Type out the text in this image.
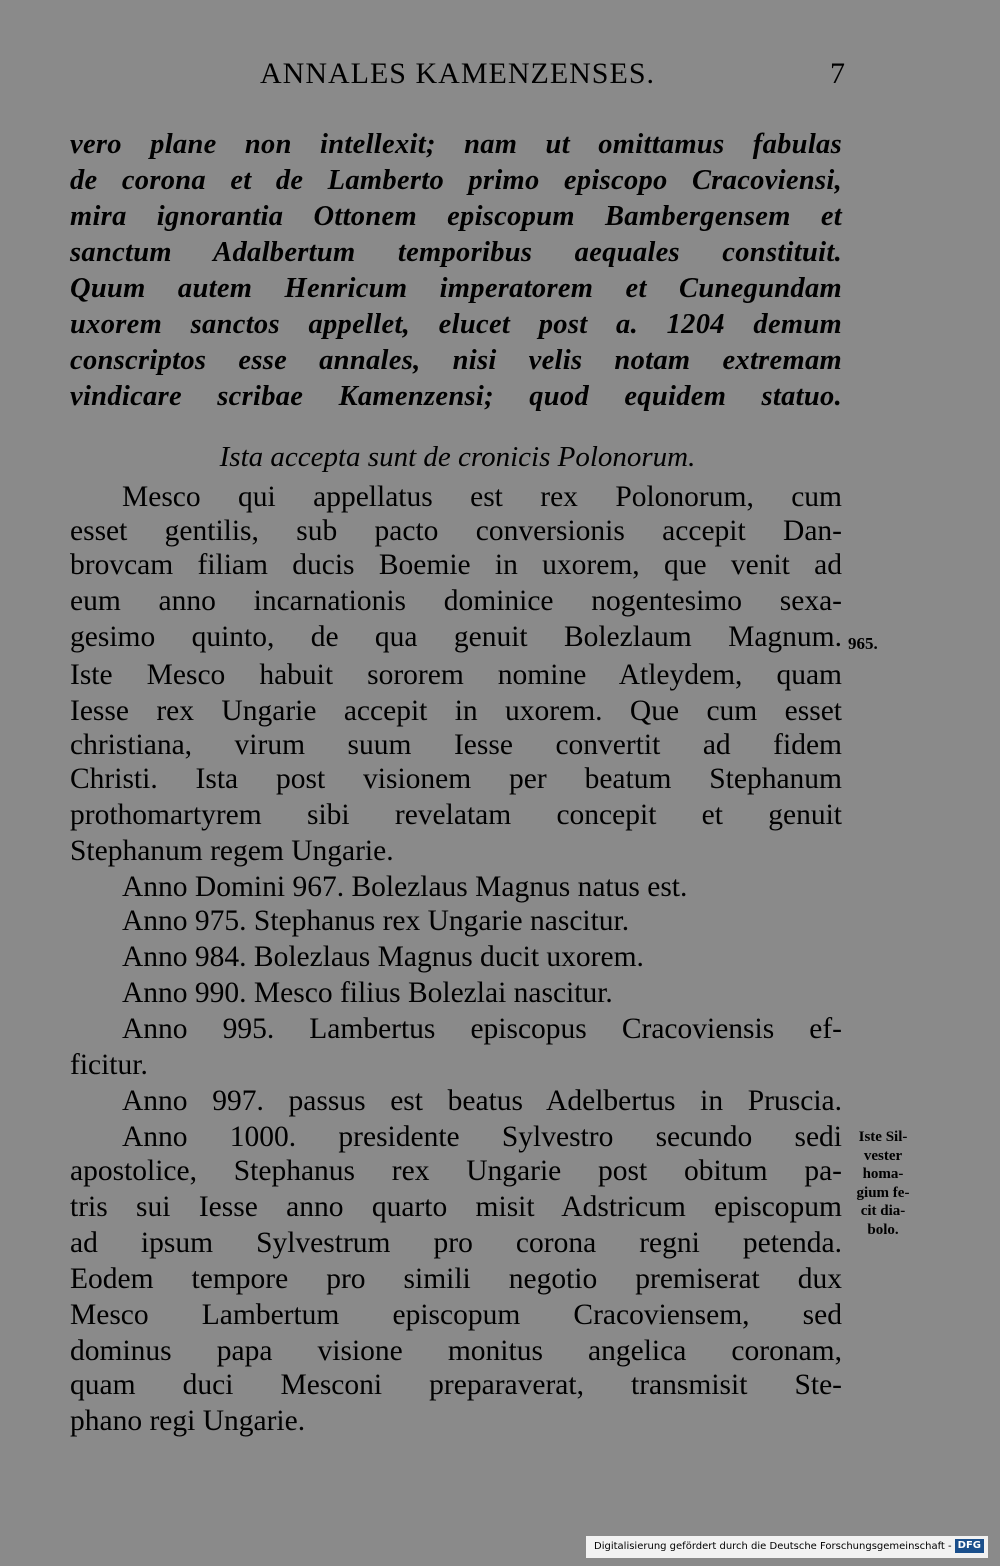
ANNALES KAMENZENSES.	7
vero plane non intellexit; nam ut omittamus fabulas
de corona et de Lamberto primo episcopo Cracoviensi,
mira ignorantia Ottonem episcopum Bambergensem et
sanctum Adalbertum temporibus aequales constituit.
Quum autem Henricum imperatorem et Cunegundam
uxorem sanctos appellet, elucet post a. 1204 demum
conscriptos esse annales, nisi velis notam extremam
vindicare scribae Kamenzensi; quod equidem statuo.
Ista accepta sunt de cronicis Polonorum.
Mesco qui appellatus est rex Polonorum, cum
esset gentilis, sub pacto conversionis accepit Dan-
brovcam filiam ducis Boemie in uxorem, que venit ad
eum anno incarnationis dominice nogentesimo sexa-
gesimo quinto, de qua genuit Bolezlaum Magnum.
Iste Mesco habuit sororem nomine Atleydem, quam
Iesse rex Ungarie accepit in uxorem. Que cum esset
christiana, virum suum Iesse convertit ad fidem
Christi. Ista post visionem per beatum Stephanum
prothomartyrem sibi revelatam concepit et genuit
Stephanum regem Ungarie.
Anno Domini 967. Bolezlaus Magnus natus est.
Anno 975. Stephanus rex Ungarie nascitur.
Anno 984. Bolezlaus Magnus ducit uxorem.
Anno 990. Mesco filius Bolezlai nascitur.
Anno 995. Lambertus episcopus Cracoviensis ef-
ficitur.
Anno 997. passus est beatus Adelbertus in Pruscia.
Anno 1000. presidente Sylvestro secundo sedi
apostolice, Stephanus rex Ungarie post obitum pa-
tris sui Iesse anno quarto misit Adstricum episcopum
ad ipsum Sylvestrum pro corona regni petenda.
Eodem tempore pro simili negotio premiserat dux
Mesco Lambertum episcopum Cracoviensem, sed
dominus papa visione monitus angelica coronam,
quam duci Mesconi preparaverat, transmisit Ste-
phano regi Ungarie.
965.
Iste Sil-
vester
homa-
gium fe-
cit dia-
bolo.
Digitalisierung gefördert durch die Deutsche Forschungsgemeinschaft - DFG
